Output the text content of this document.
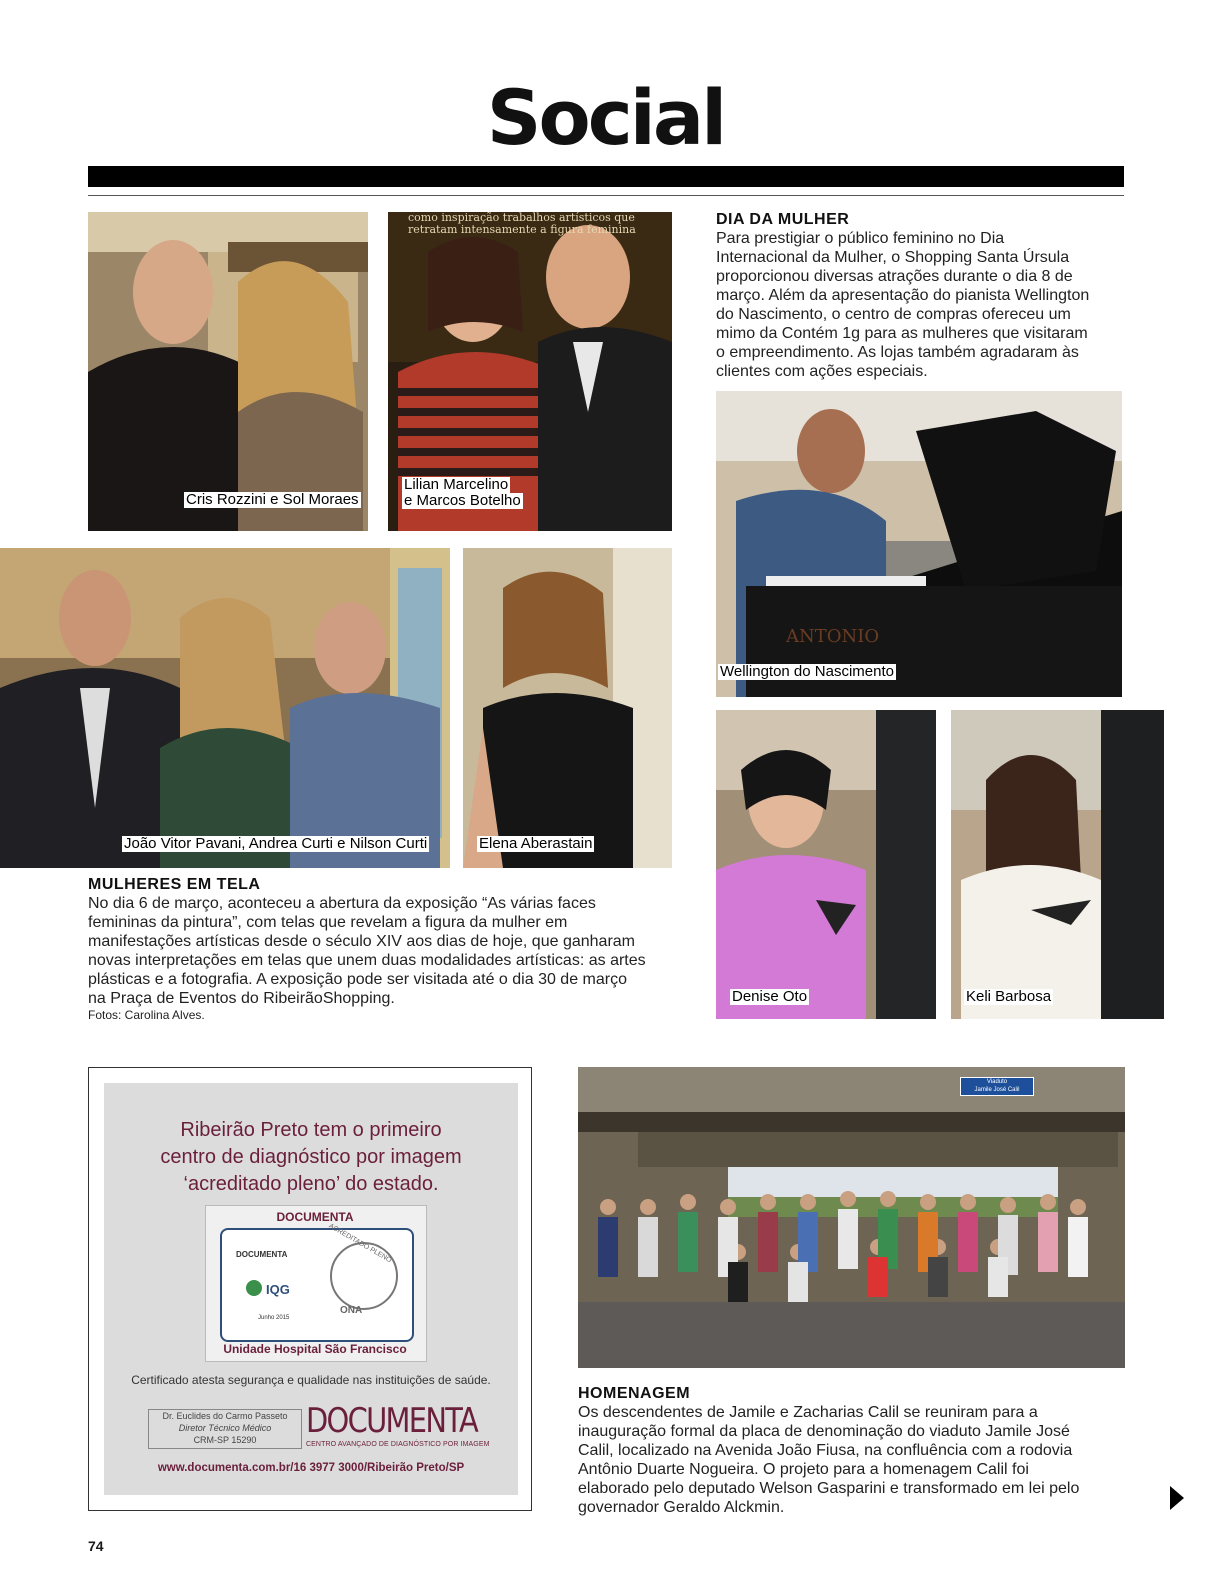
Social
Cris Rozzini e Sol Moraes
como inspiração trabalhos artísticos que retratam intensamente a figura feminina
Lilian Marcelino
e Marcos Botelho
João Vitor Pavani, Andrea Curti e Nilson Curti	Elena Aberastain
DIA DA MULHER
Para prestigiar o público feminino no Dia
Internacional da Mulher, o Shopping Santa Úrsula
proporcionou diversas atrações durante o dia 8 de
março. Além da apresentação do pianista Wellington
do Nascimento, o centro de compras ofereceu um
mimo da Contém 1g para as mulheres que visitaram
o empreendimento. As lojas também agradaram às
clientes com ações especiais.
ANTONIO
Wellington do Nascimento
Denise Oto	Keli Barbosa
MULHERES EM TELA
No dia 6 de março, aconteceu a abertura da exposição “As várias faces
femininas da pintura”, com telas que revelam a figura da mulher em
manifestações artísticas desde o século XIV aos dias de hoje, que ganharam
novas interpretações em telas que unem duas modalidades artísticas: as artes
plásticas e a fotografia. A exposição pode ser visitada até o dia 30 de março
na Praça de Eventos do RibeirãoShopping.
Fotos: Carolina Alves.
Ribeirão Preto tem o primeiro
centro de diagnóstico por imagem
‘acreditado pleno’ do estado.
DOCUMENTA
DOCUMENTA
IQG
Junho 2015
ACREDITADO PLENO
ONA
Unidade Hospital São Francisco
Certificado atesta segurança e qualidade nas instituições de saúde.
Dr. Euclides do Carmo Passeto
Diretor Técnico Médico
CRM-SP 15290	DOCUMENTA
CENTRO AVANÇADO DE DIAGNÓSTICO POR IMAGEM
www.documenta.com.br/16 3977 3000/Ribeirão Preto/SP
Viaduto
Jamile José Calil
HOMENAGEM
Os descendentes de Jamile e Zacharias Calil se reuniram para a
inauguração formal da placa de denominação do viaduto Jamile José
Calil, localizado na Avenida João Fiusa, na confluência com a rodovia
Antônio Duarte Nogueira. O projeto para a homenagem Calil foi
elaborado pelo deputado Welson Gasparini e transformado em lei pelo
governador Geraldo Alckmin.
74
